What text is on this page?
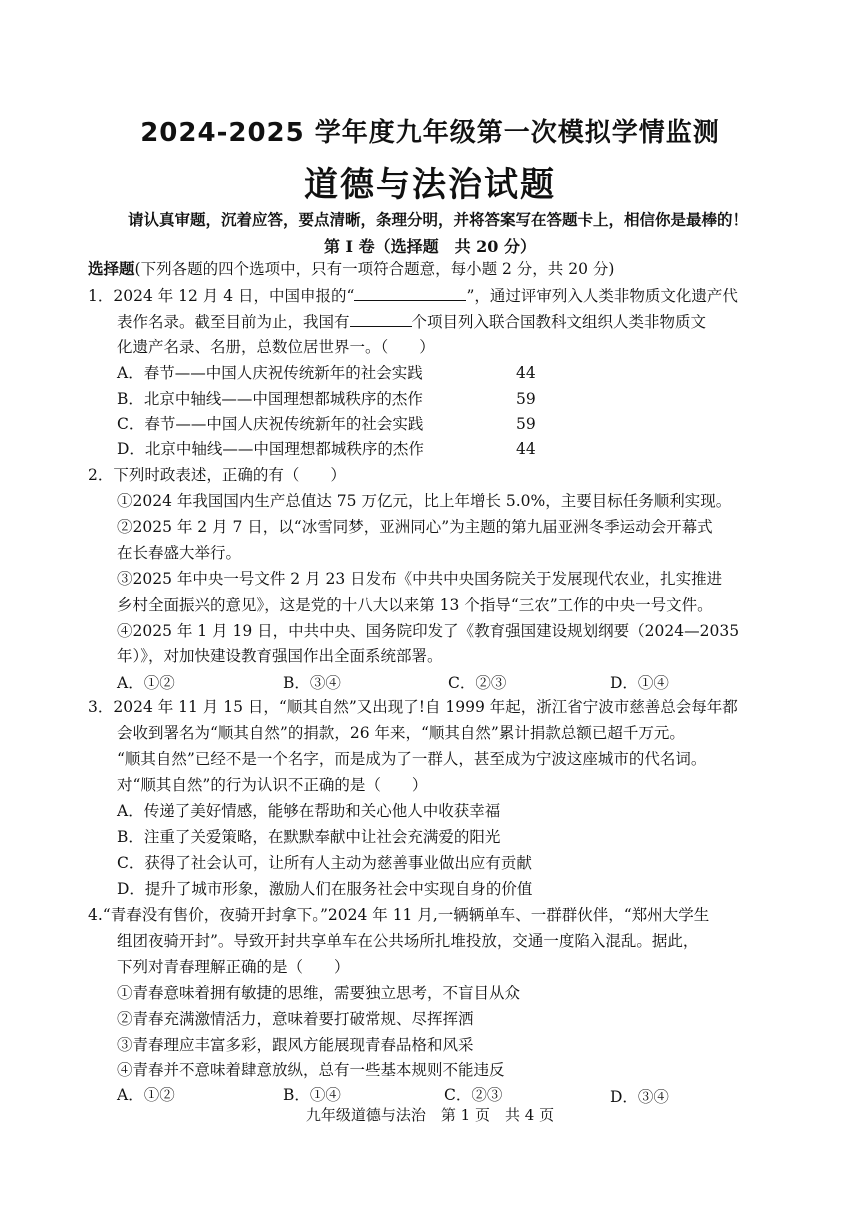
2024-2025 学年度九年级第一次模拟学情监测
道德与法治试题
请认真审题，沉着应答，要点清晰，条理分明，并将答案写在答题卡上，相信你是最棒的！
第 I 卷（选择题　共 20 分）
选择题(下列各题的四个选项中，只有一项符合题意，每小题 2 分，共 20 分)
1．2024 年 12 月 4 日，中国申报的“	”，通过评审列入人类非物质文化遗产代
表作名录。截至目前为止，我国有	个项目列入联合国教科文组织人类非物质文
化遗产名录、名册，总数位居世界一。（　　）
A．春节——中国人庆祝传统新年的社会实践	44
B．北京中轴线——中国理想都城秩序的杰作	59
C．春节——中国人庆祝传统新年的社会实践	59
D．北京中轴线——中国理想都城秩序的杰作	44
2．下列时政表述，正确的有（　　）
①2024 年我国国内生产总值达 75 万亿元，比上年增长 5.0%，主要目标任务顺利实现。
②2025 年 2 月 7 日，以“冰雪同梦，亚洲同心”为主题的第九届亚洲冬季运动会开幕式
在长春盛大举行。
③2025 年中央一号文件 2 月 23 日发布《中共中央国务院关于发展现代农业，扎实推进
乡村全面振兴的意见》，这是党的十八大以来第 13 个指导“三农”工作的中央一号文件。
④2025 年 1 月 19 日，中共中央、国务院印发了《教育强国建设规划纲要（2024—2035
年）》，对加快建设教育强国作出全面系统部署。
A．①②	B．③④	C．②③	D．①④
3．2024 年 11 月 15 日，“顺其自然”又出现了!自 1999 年起，浙江省宁波市慈善总会每年都
会收到署名为“顺其自然”的捐款，26 年来，“顺其自然”累计捐款总额已超千万元。
“顺其自然”已经不是一个名字，而是成为了一群人，甚至成为宁波这座城市的代名词。
对“顺其自然”的行为认识不正确的是（　　）
A．传递了美好情感，能够在帮助和关心他人中收获幸福
B．注重了关爱策略，在默默奉献中让社会充满爱的阳光
C．获得了社会认可，让所有人主动为慈善事业做出应有贡献
D．提升了城市形象，激励人们在服务社会中实现自身的价值
4.“青春没有售价，夜骑开封拿下。”2024 年 11 月,一辆辆单车、一群群伙伴，“郑州大学生
组团夜骑开封”。导致开封共享单车在公共场所扎堆投放，交通一度陷入混乱。据此，
下列对青春理解正确的是（　　）
①青春意味着拥有敏捷的思维，需要独立思考，不盲目从众
②青春充满激情活力，意味着要打破常规、尽挥挥洒
③青春理应丰富多彩，跟风方能展现青春品格和风采
④青春并不意味着肆意放纵，总有一些基本规则不能违反
A．①②	B．①④	C．②③	D．③④
九年级道德与法治　第 1 页　共 4 页
